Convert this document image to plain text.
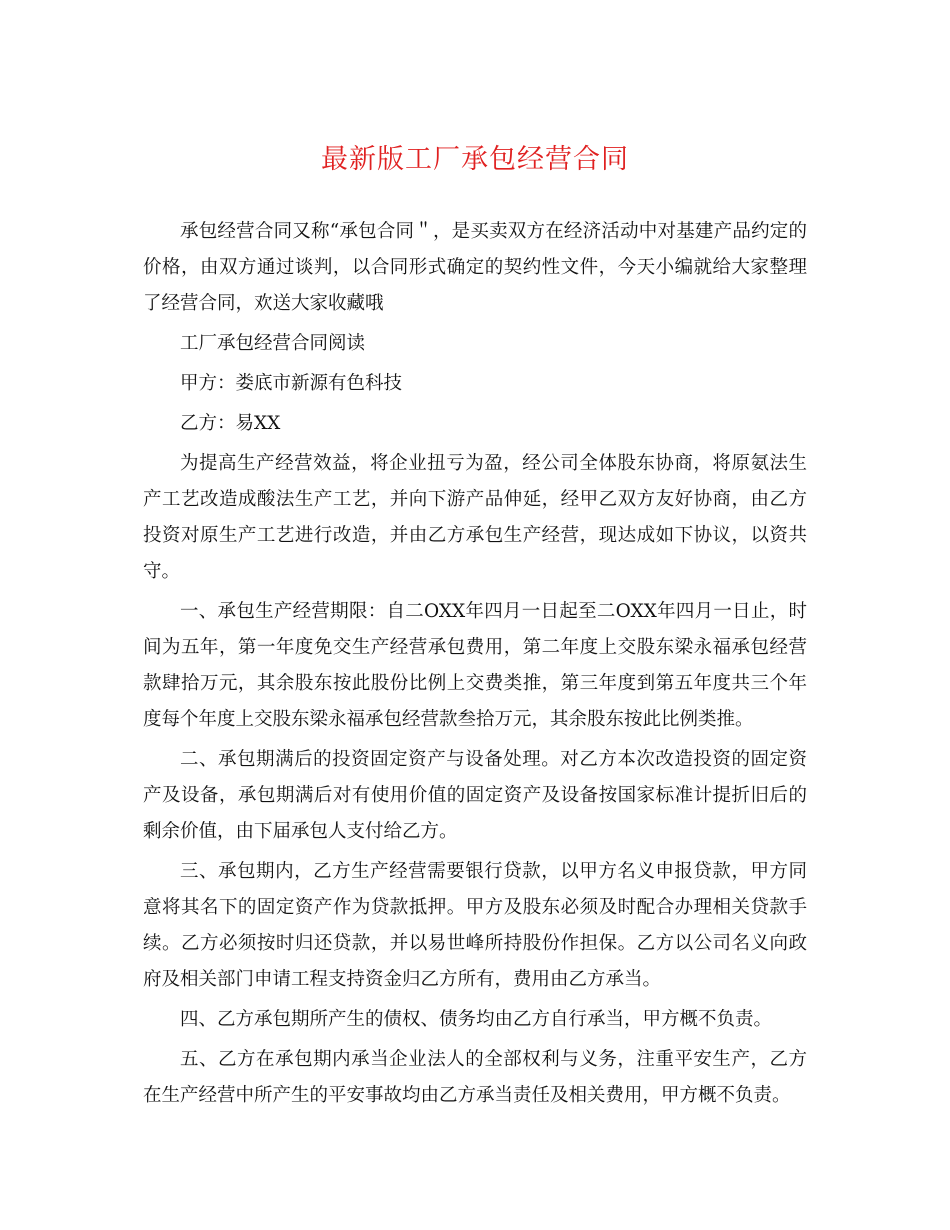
最新版工厂承包经营合同

承包经营合同又称“承包合同＂，是买卖双方在经济活动中对基建产品约定的价格，由双方通过谈判，以合同形式确定的契约性文件，今天小编就给大家整理了经营合同，欢送大家收藏哦

工厂承包经营合同阅读

甲方：娄底市新源有色科技

乙方：易XX

为提高生产经营效益，将企业扭亏为盈，经公司全体股东协商，将原氨法生产工艺改造成酸法生产工艺，并向下游产品伸延，经甲乙双方友好协商，由乙方投资对原生产工艺进行改造，并由乙方承包生产经营，现达成如下协议，以资共守。

一、承包生产经营期限：自二OXX年四月一日起至二OXX年四月一日止，时间为五年，第一年度免交生产经营承包费用，第二年度上交股东梁永福承包经营款肆拾万元，其余股东按此股份比例上交费类推，第三年度到第五年度共三个年度每个年度上交股东梁永福承包经营款叁拾万元，其余股东按此比例类推。

二、承包期满后的投资固定资产与设备处理。对乙方本次改造投资的固定资产及设备，承包期满后对有使用价值的固定资产及设备按国家标准计提折旧后的剩余价值，由下届承包人支付给乙方。

三、承包期内，乙方生产经营需要银行贷款，以甲方名义申报贷款，甲方同意将其名下的固定资产作为贷款抵押。甲方及股东必须及时配合办理相关贷款手续。乙方必须按时归还贷款，并以易世峰所持股份作担保。乙方以公司名义向政府及相关部门申请工程支持资金归乙方所有，费用由乙方承当。

四、乙方承包期所产生的债权、债务均由乙方自行承当，甲方概不负责。

五、乙方在承包期内承当企业法人的全部权利与义务，注重平安生产，乙方在生产经营中所产生的平安事故均由乙方承当责任及相关费用，甲方概不负责。
